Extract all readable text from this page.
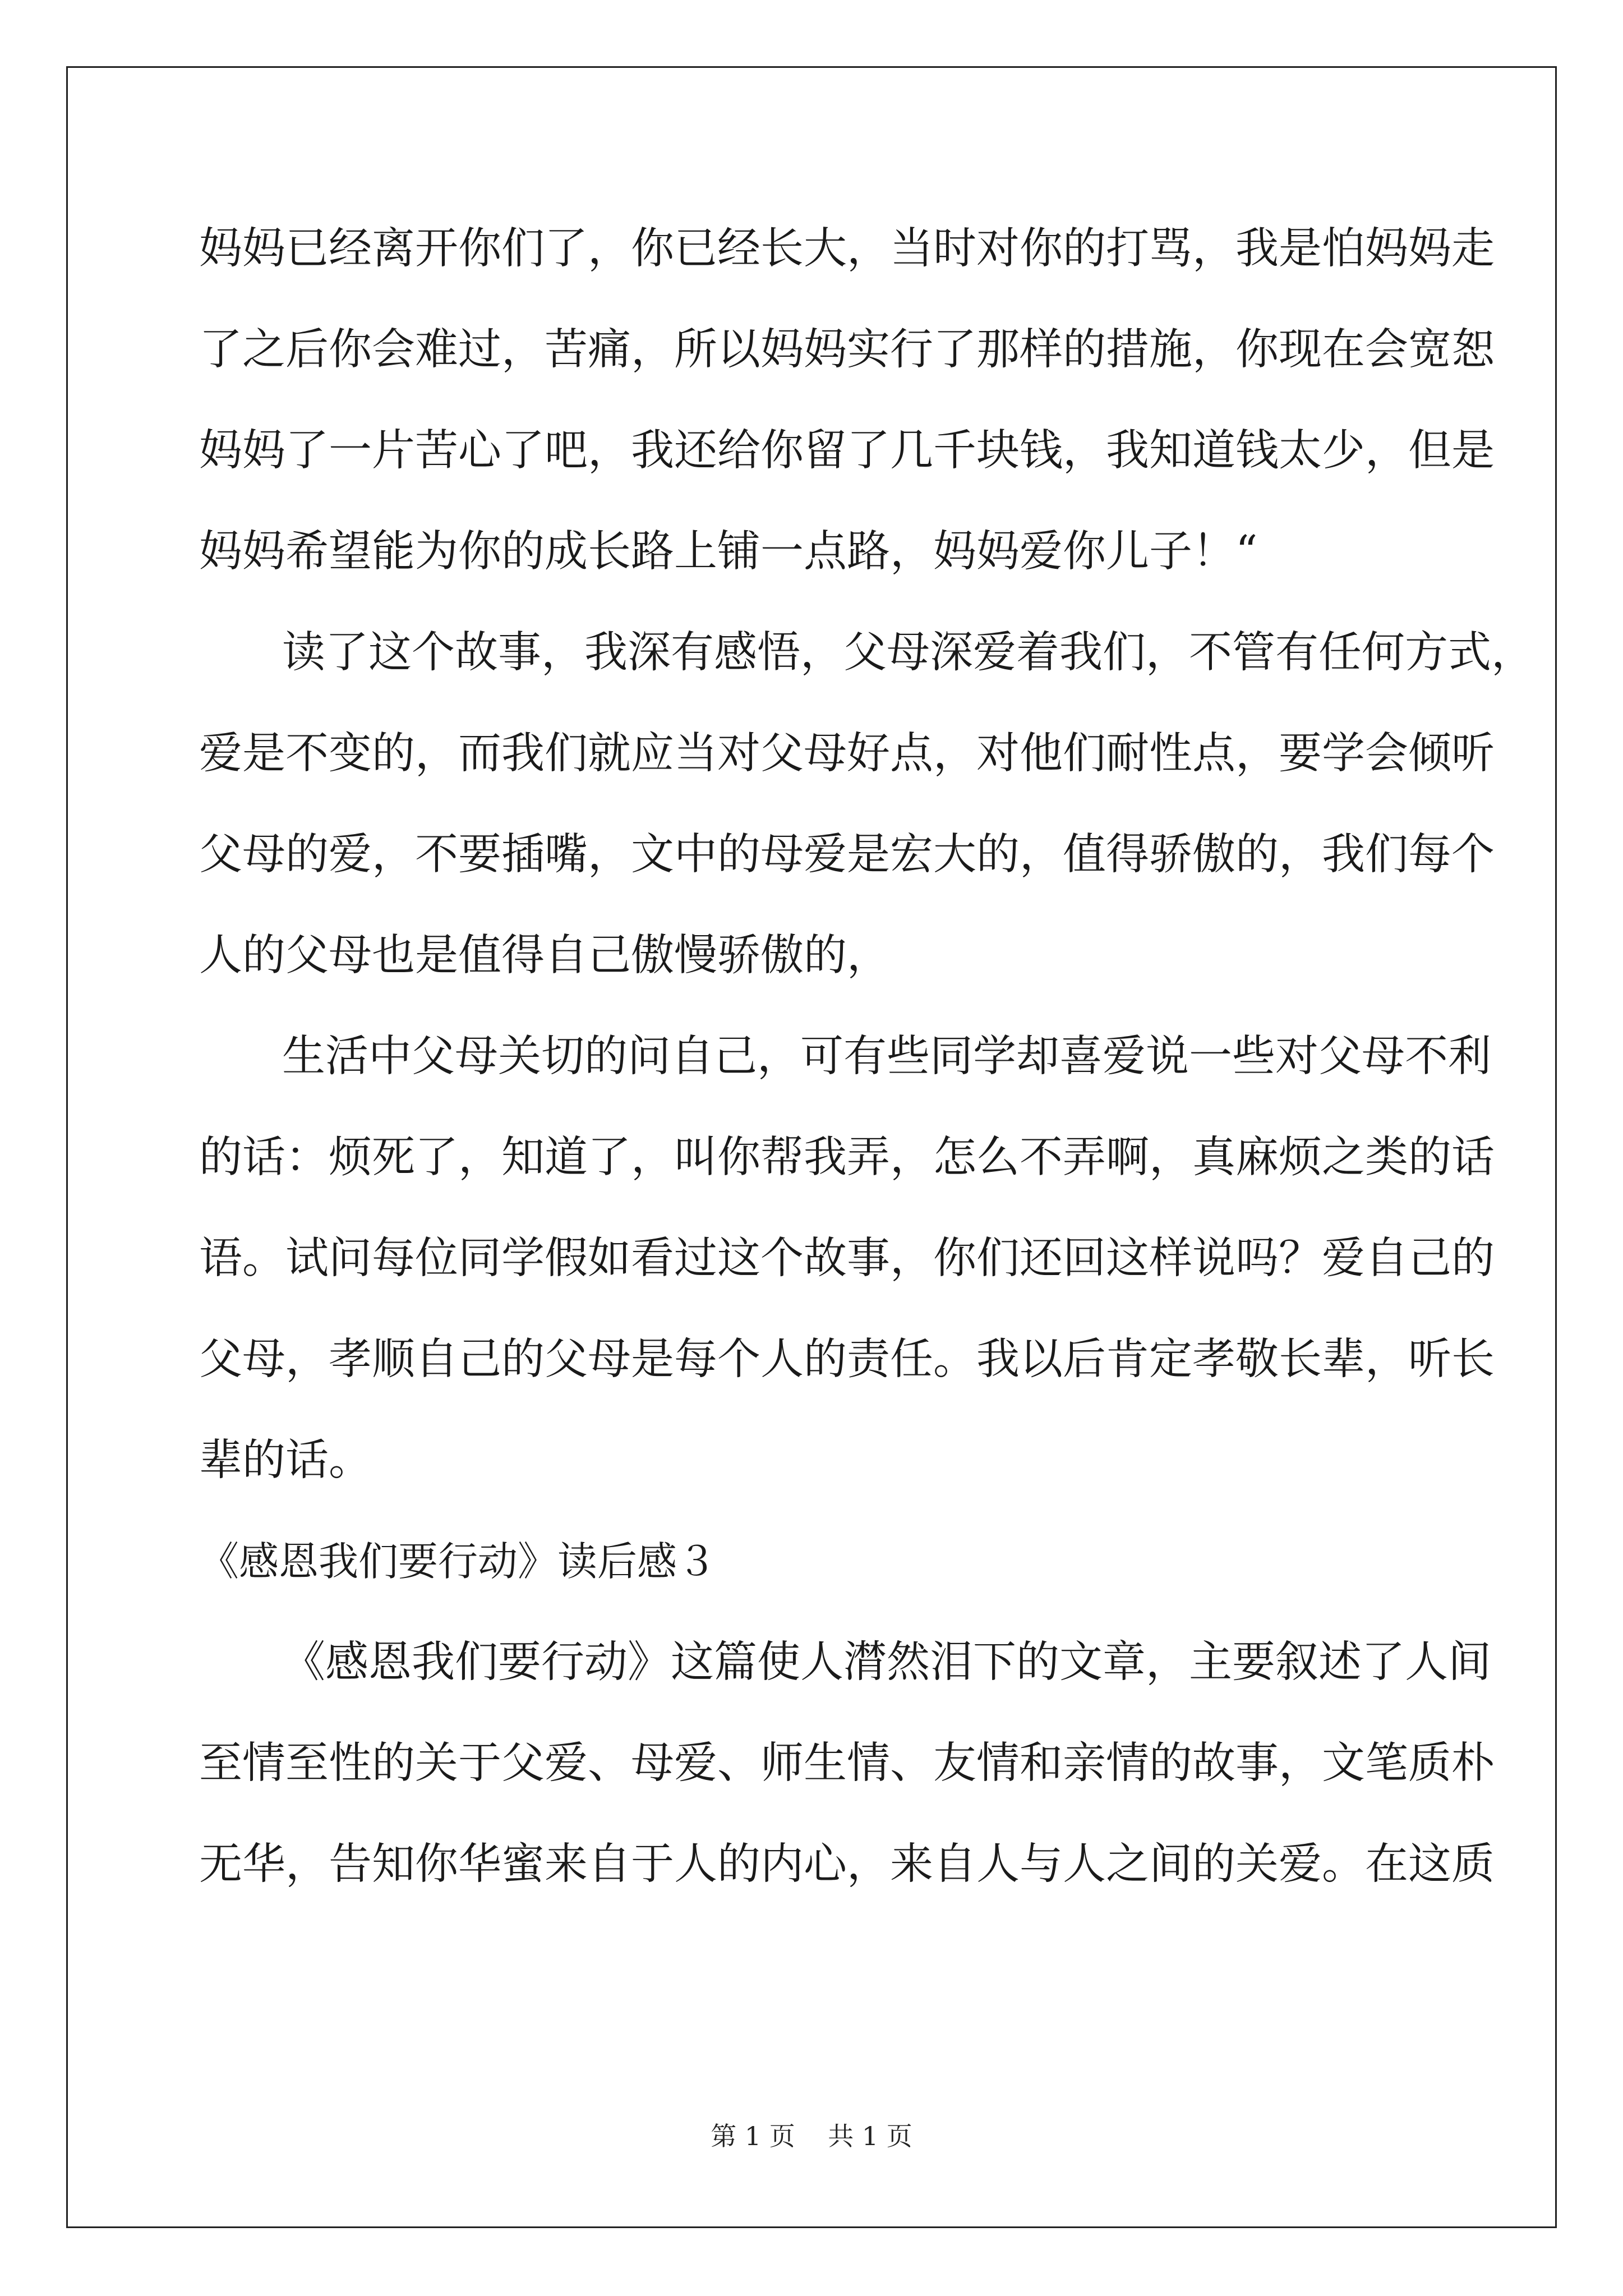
妈妈已经离开你们了，你已经长大，当时对你的打骂，我是怕妈妈走
了之后你会难过，苦痛，所以妈妈实行了那样的措施，你现在会宽恕
妈妈了一片苦心了吧，我还给你留了几千块钱，我知道钱太少，但是
妈妈希望能为你的成长路上铺一点路，妈妈爱你儿子！“
读了这个故事，我深有感悟，父母深爱着我们，不管有任何方式，
爱是不变的，而我们就应当对父母好点，对他们耐性点，要学会倾听
父母的爱，不要插嘴，文中的母爱是宏大的，值得骄傲的，我们每个
人的父母也是值得自己傲慢骄傲的，
生活中父母关切的问自己，可有些同学却喜爱说一些对父母不利
的话：烦死了，知道了，叫你帮我弄，怎么不弄啊，真麻烦之类的话
语。试问每位同学假如看过这个故事，你们还回这样说吗？爱自己的
父母，孝顺自己的父母是每个人的责任。我以后肯定孝敬长辈，听长
辈的话。
《感恩我们要行动》读后感３
《感恩我们要行动》这篇使人潸然泪下的文章，主要叙述了人间
至情至性的关于父爱、母爱、师生情、友情和亲情的故事，文笔质朴
无华，告知你华蜜来自于人的内心，来自人与人之间的关爱。在这质
第 1 页    共 1 页
